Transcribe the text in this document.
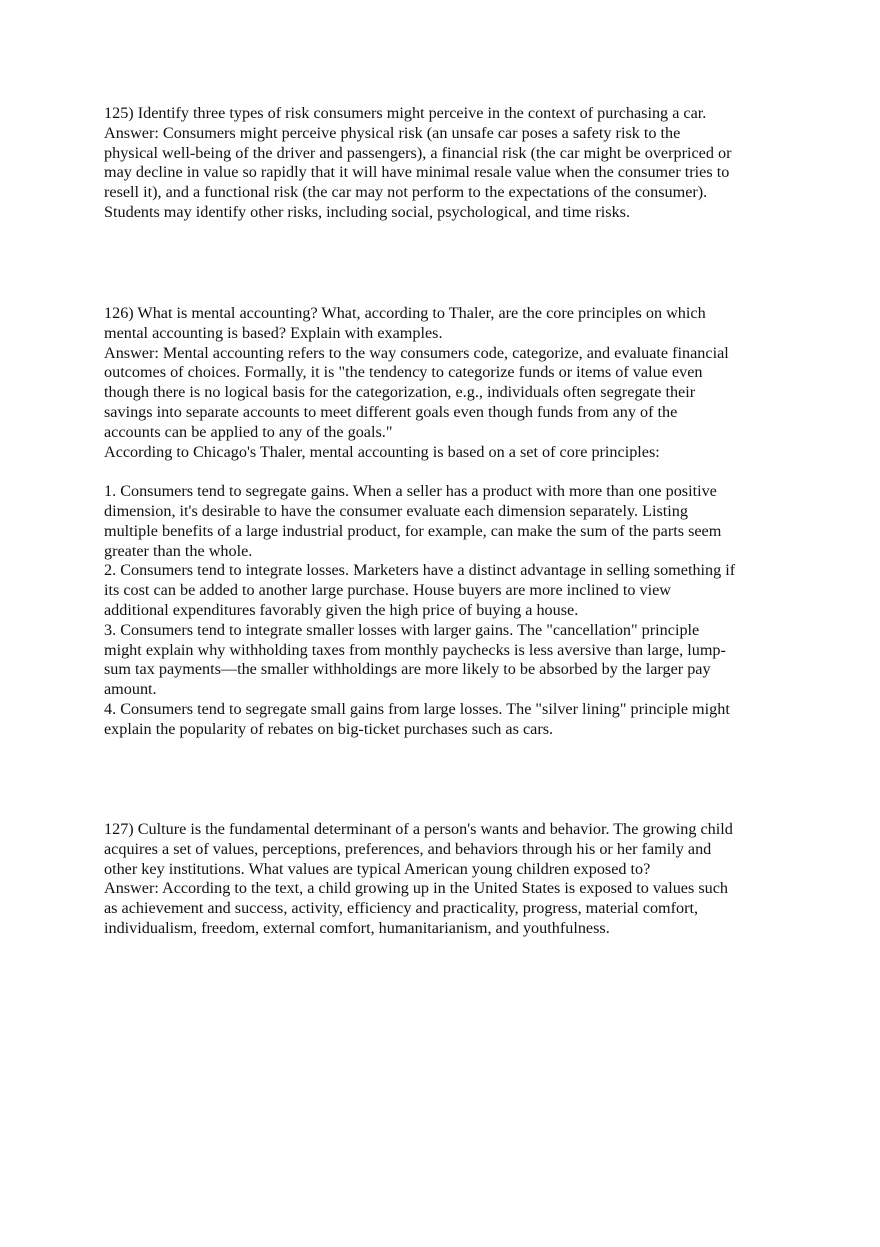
125) Identify three types of risk consumers might perceive in the context of purchasing a car.
Answer: Consumers might perceive physical risk (an unsafe car poses a safety risk to the
physical well-being of the driver and passengers), a financial risk (the car might be overpriced or
may decline in value so rapidly that it will have minimal resale value when the consumer tries to
resell it), and a functional risk (the car may not perform to the expectations of the consumer).
Students may identify other risks, including social, psychological, and time risks.
126) What is mental accounting? What, according to Thaler, are the core principles on which
mental accounting is based? Explain with examples.
Answer: Mental accounting refers to the way consumers code, categorize, and evaluate financial
outcomes of choices. Formally, it is "the tendency to categorize funds or items of value even
though there is no logical basis for the categorization, e.g., individuals often segregate their
savings into separate accounts to meet different goals even though funds from any of the
accounts can be applied to any of the goals."
According to Chicago's Thaler, mental accounting is based on a set of core principles:
1. Consumers tend to segregate gains. When a seller has a product with more than one positive
dimension, it's desirable to have the consumer evaluate each dimension separately. Listing
multiple benefits of a large industrial product, for example, can make the sum of the parts seem
greater than the whole.
2. Consumers tend to integrate losses. Marketers have a distinct advantage in selling something if
its cost can be added to another large purchase. House buyers are more inclined to view
additional expenditures favorably given the high price of buying a house.
3. Consumers tend to integrate smaller losses with larger gains. The "cancellation" principle
might explain why withholding taxes from monthly paychecks is less aversive than large, lump-
sum tax payments—the smaller withholdings are more likely to be absorbed by the larger pay
amount.
4. Consumers tend to segregate small gains from large losses. The "silver lining" principle might
explain the popularity of rebates on big-ticket purchases such as cars.
127) Culture is the fundamental determinant of a person's wants and behavior. The growing child
acquires a set of values, perceptions, preferences, and behaviors through his or her family and
other key institutions. What values are typical American young children exposed to?
Answer: According to the text, a child growing up in the United States is exposed to values such
as achievement and success, activity, efficiency and practicality, progress, material comfort,
individualism, freedom, external comfort, humanitarianism, and youthfulness.
